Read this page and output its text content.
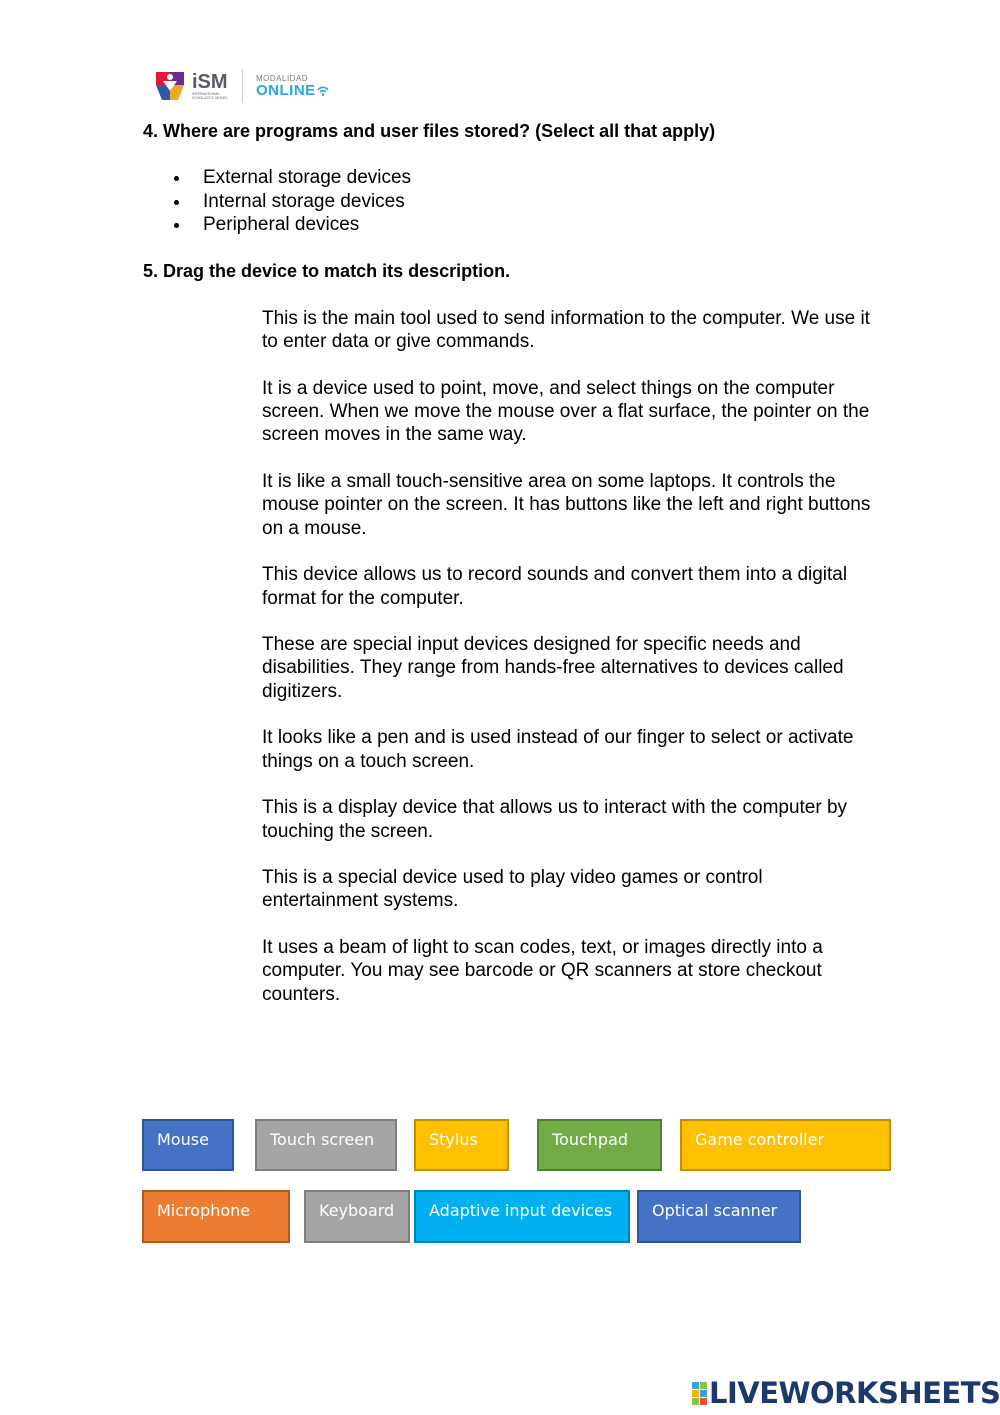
iSM
INTERNATIONAL SCHOLASTIC MODEL
MODALIDAD
ONLINE
4. Where are programs and user files stored? (Select all that apply)
External storage devices
Internal storage devices
Peripheral devices
5. Drag the device to match its description.

This is the main tool used to send information to the computer. We use it to enter data or give commands.

It is a device used to point, move, and select things on the computer screen. When we move the mouse over a flat surface, the pointer on the screen moves in the same way.

It is like a small touch-sensitive area on some laptops. It controls the mouse pointer on the screen. It has buttons like the left and right buttons on a mouse.

This device allows us to record sounds and convert them into a digital format for the computer.

These are special input devices designed for specific needs and disabilities. They range from hands-free alternatives to devices called digitizers.

It looks like a pen and is used instead of our finger to select or activate things on a touch screen.

This is a display device that allows us to interact with the computer by touching the screen.

This is a special device used to play video games or control entertainment systems.

It uses a beam of light to scan codes, text, or images directly into a computer. You may see barcode or QR scanners at store checkout counters.

Mouse	Touch screen	Stylus	Touchpad	Game controller
Microphone	Keyboard	Adaptive input devices	Optical scanner
LIVEWORKSHEETS
